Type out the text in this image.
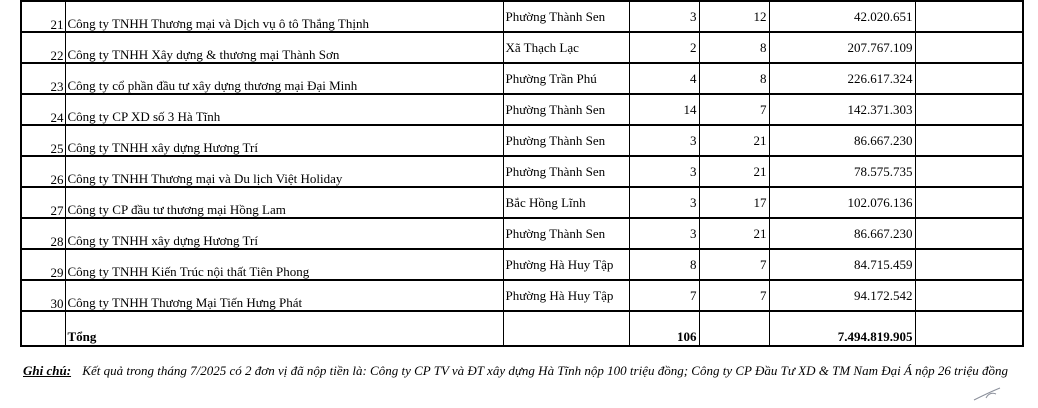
21	Công ty TNHH Thương mại và Dịch vụ ô tô Thắng Thịnh	Phường Thành Sen	3	12	42.020.651	
22	Công ty TNHH Xây dựng & thương mại Thành Sơn	Xã Thạch Lạc	2	8	207.767.109	
23	Công ty cổ phần đầu tư xây dựng thương mại Đại Minh	Phường Trần Phú	4	8	226.617.324	
24	Công ty CP XD số 3 Hà Tĩnh	Phường Thành Sen	14	7	142.371.303	
25	Công ty TNHH xây dựng Hương Trí	Phường Thành Sen	3	21	86.667.230	
26	Công ty TNHH Thương mại và Du lịch Việt Holiday	Phường Thành Sen	3	21	78.575.735	
27	Công ty CP đầu tư thương mại Hồng Lam	Bắc Hồng Lĩnh	3	17	102.076.136	
28	Công ty TNHH xây dựng Hương Trí	Phường Thành Sen	3	21	86.667.230	
29	Công ty TNHH Kiến Trúc nội thất Tiên Phong	Phường Hà Huy Tập	8	7	84.715.459	
30	Công ty TNHH Thương Mại Tiến Hưng Phát	Phường Hà Huy Tập	7	7	94.172.542	
	Tổng		106		7.494.819.905	
Ghi chú: Kết quả trong tháng 7/2025 có 2 đơn vị đã nộp tiền là: Công ty CP TV và ĐT xây dựng Hà Tĩnh nộp 100 triệu đồng; Công ty CP Đầu Tư XD & TM Nam Đại Á nộp 26 triệu đồng
